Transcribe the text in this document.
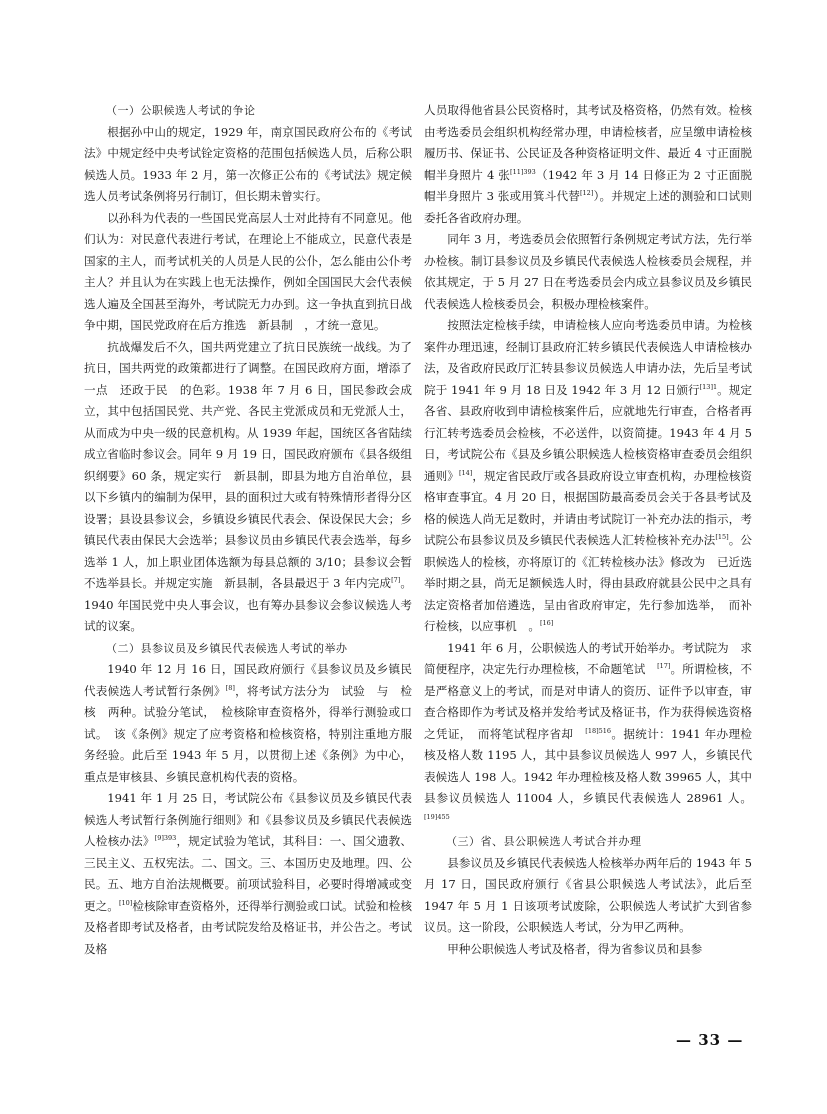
（一）公职候选人考试的争论

根据孙中山的规定，1929 年，南京国民政府公布的《考试法》中规定经中央考试铨定资格的范围包括候选人员，后称公职候选人员。1933 年 2 月，第一次修正公布的《考试法》规定候选人员考试条例将另行制订，但长期未曾实行。

以孙科为代表的一些国民党高层人士对此持有不同意见。他们认为：对民意代表进行考试，在理论上不能成立，民意代表是国家的主人，而考试机关的人员是人民的公仆，怎么能由公仆考主人？并且认为在实践上也无法操作，例如全国国民大会代表候选人遍及全国甚至海外，考试院无力办到。这一争执直到抗日战争中期，国民党政府在后方推选　新县制　，才统一意见。

抗战爆发后不久，国共两党建立了抗日民族统一战线。为了抗日，国共两党的政策都进行了调整。在国民政府方面，增添了一点　还政于民　的色彩。1938 年 7 月 6 日，国民参政会成立，其中包括国民党、共产党、各民主党派成员和无党派人士，从而成为中央一级的民意机构。从 1939 年起，国统区各省陆续成立省临时参议会。同年 9 月 19 日，国民政府颁布《县各级组织纲要》60 条，规定实行　新县制，即县为地方自治单位，县以下乡镇内的编制为保甲，县的面积过大或有特殊情形者得分区设署；县设县参议会，乡镇设乡镇民代表会、保设保民大会；乡镇民代表由保民大会选举；县参议员由乡镇民代表会选举，每乡选举 1 人，加上职业团体选额为每县总额的 3/10；县参议会暂不选举县长。并规定实施　新县制，各县最迟于 3 年内完成[7]。1940 年国民党中央人事会议，也有筹办县参议会参议候选人考试的议案。

（二）县参议员及乡镇民代表候选人考试的举办

1940 年 12 月 16 日，国民政府颁行《县参议员及乡镇民代表候选人考试暂行条例》[8]，将考试方法分为　试验　与　检核　两种。试验分笔试，　检核除审查资格外，得举行测验或口试。　该《条例》规定了应考资格和检核资格，特别注重地方服务经验。此后至 1943 年 5 月，以贯彻上述《条例》为中心，重点是审核县、乡镇民意机构代表的资格。

1941 年 1 月 25 日，考试院公布《县参议员及乡镇民代表候选人考试暂行条例施行细则》和《县参议员及乡镇民代表候选人检核办法》$^{[9]393}$，规定试验为笔试，其科目：一、国父遗教、三民主义、五权宪法。二、国文。三、本国历史及地理。四、公民。五、地方自治法规概要。前项试验科目，必要时得增减或变更之。[10]检核除审查资格外，还得举行测验或口试。试验和检核及格者即考试及格者，由考试院发给及格证书，并公告之。考试及格

人员取得他省县公民资格时，其考试及格资格，仍然有效。检核由考选委员会组织机构经常办理，申请检核者，应呈缴申请检核履历书、保证书、公民证及各种资格证明文件、最近 4 寸正面脱帽半身照片 4 张$^{[11]393}$（1942 年 3 月 14 日修正为 2 寸正面脱帽半身照片 3 张或用箕斗代替[12]）。并规定上述的测验和口试则委托各省政府办理。

同年 3 月，考选委员会依照暂行条例规定考试方法，先行举办检核。制订县参议员及乡镇民代表候选人检核委员会规程，并依其规定，于 5 月 27 日在考选委员会内成立县参议员及乡镇民代表候选人检核委员会，积极办理检核案件。

按照法定检核手续，申请检核人应向考选委员申请。为检核案件办理迅速，经制订县政府汇转乡镇民代表候选人申请检核办法，及省政府民政厅汇转县参议员候选人申请办法，先后呈考试院于 1941 年 9 月 18 日及 1942 年 3 月 12 日颁行$^{[13]1}$。规定各省、县政府收到申请检核案件后，应就地先行审查，合格者再行汇转考选委员会检核，不必送件，以资简捷。1943 年 4 月 5 日，考试院公布《县及乡镇公职候选人检核资格审查委员会组织通则》[14]，规定省民政厅或各县政府设立审查机构，办理检核资格审查事宜。4 月 20 日，根据国防最高委员会关于各县考试及格的候选人尚无足数时，并请由考试院订一补充办法的指示，考试院公布县参议员及乡镇民代表候选人汇转检核补充办法[15]。公职候选人的检核，亦将原订的《汇转检核办法》修改为　已近选举时期之县，尚无足额候选人时，得由县政府就县公民中之具有法定资格者加倍遴选，呈由省政府审定，先行参加选举，　而补行检核，以应事机　。[16]

1941 年 6 月，公职候选人的考试开始举办。考试院为　求简便程序，决定先行办理检核，不命题笔试　[17]。所谓检核，不是严格意义上的考试，而是对申请人的资历、证件予以审查，审查合格即作为考试及格并发给考试及格证书，作为获得候选资格之凭证，　而将笔试程序省却　$^{[18]516}$。据统计：1941 年办理检核及格人数 1195 人，其中县参议员候选人 997 人，乡镇民代表候选人 198 人。1942 年办理检核及格人数 39965 人，其中县参议员候选人 11004 人，乡镇民代表候选人 28961 人。$^{[19]455}$

（三）省、县公职候选人考试合并办理

县参议员及乡镇民代表候选人检核举办两年后的 1943 年 5 月 17 日，国民政府颁行《省县公职候选人考试法》，此后至 1947 年 5 月 1 日该项考试废除，公职候选人考试扩大到省参议员。这一阶段，公职候选人考试，分为甲乙两种。

甲种公职候选人考试及格者，得为省参议员和县参

— 33 —
